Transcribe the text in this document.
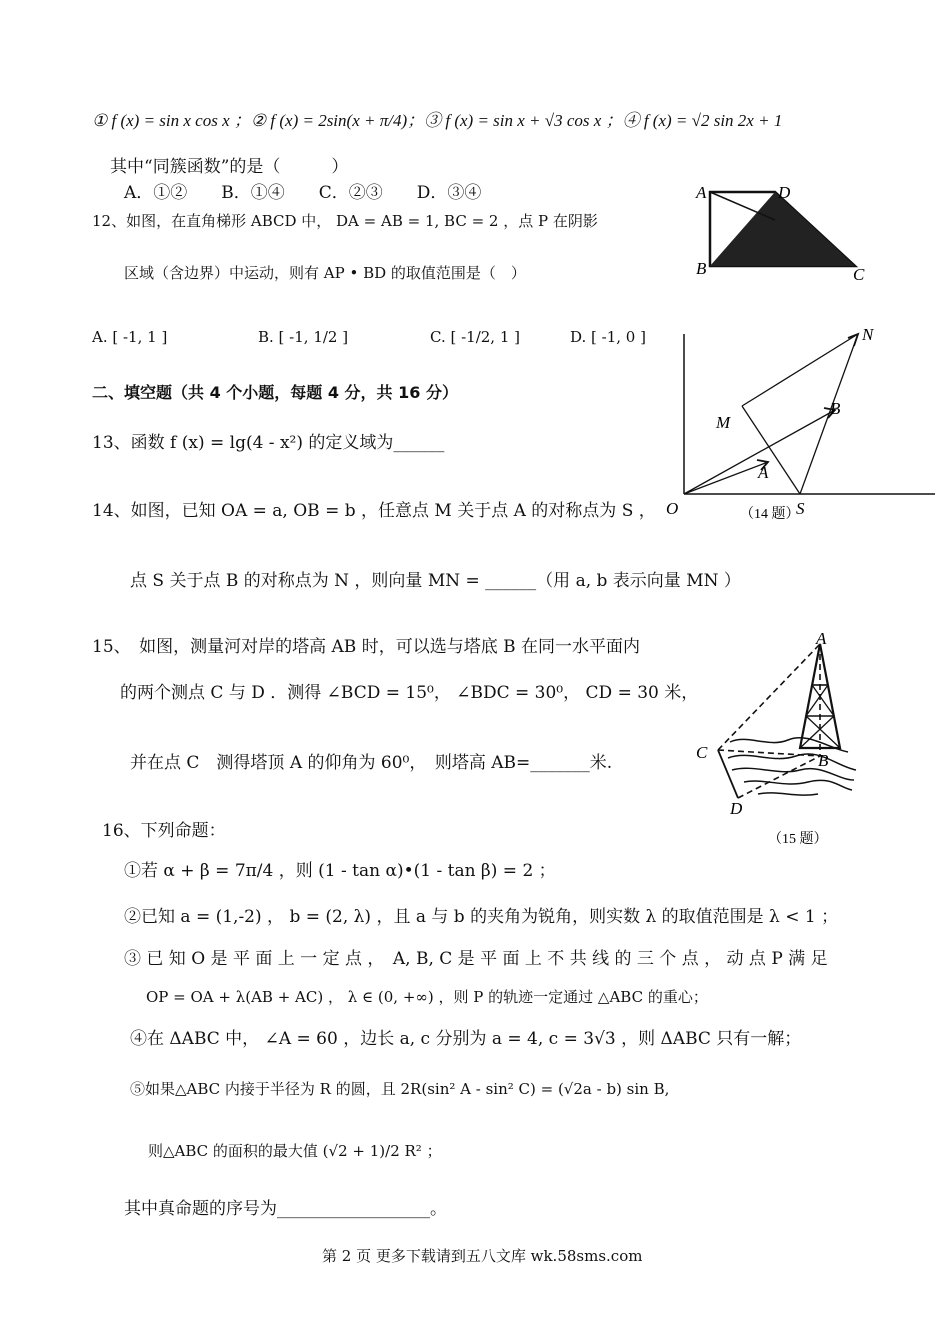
① f (x) = sin x cos x ；② f (x) = 2sin(x + π/4)；③ f (x) = sin x + √3 cos x ；④ f (x) = √2 sin 2x + 1
其中“同簇函数”的是（　　　）
A．①②　　B．①④　　C．②③　　D．③④
12、如图，在直角梯形 ABCD 中， DA = AB = 1, BC = 2 ，点 P 在阴影
区域（含边界）中运动，则有 AP • BD 的取值范围是（　）
A. [ -1, 1 ]	B. [ -1, 1/2 ]	C. [ -1/2, 1 ]	D. [ -1, 0 ]
A	D
B	C
二、填空题（共 4 个小题，每题 4 分，共 16 分）
13、函数 f (x) = lg(4 - x²) 的定义域为______
14、如图，已知 OA = a, OB = b ，任意点 M 关于点 A 的对称点为 S ，
点 S 关于点 B 的对称点为 N ，则向量 MN = ______（用 a, b 表示向量 MN ）
N
M
B
A
O	S
（14 题）
15、　如图，测量河对岸的塔高 AB 时，可以选与塔底 B 在同一水平面内
的两个测点 C 与 D ．测得 ∠BCD = 15⁰， ∠BDC = 30⁰， CD = 30 米，
并在点 C　测得塔顶 A 的仰角为 60⁰，　则塔高 AB=_______米.
A
B
C
D
（15 题）
16、下列命题：
①若 α + β = 7π/4 ，则 (1 - tan α)•(1 - tan β) = 2 ；
②已知 a = (1,-2) ， b = (2, λ) ，且 a 与 b 的夹角为锐角，则实数 λ 的取值范围是 λ < 1 ；
③ 已 知 O 是 平 面 上 一 定 点 ，　A, B, C 是 平 面 上 不 共 线 的 三 个 点 ， 动 点 P 满 足
OP = OA + λ(AB + AC) ， λ ∈ (0, +∞) ，则 P 的轨迹一定通过 △ABC 的重心；
④在 ΔABC 中， ∠A = 60 ，边长 a, c 分别为 a = 4, c = 3√3 ，则 ΔABC 只有一解；
⑤如果△ABC 内接于半径为 R 的圆，且 2R(sin² A - sin² C) = (√2a - b) sin B,
则△ABC 的面积的最大值 (√2 + 1)/2 R² ；
其中真命题的序号为__________________。
第 2 页 更多下载请到五八文库 wk.58sms.com
